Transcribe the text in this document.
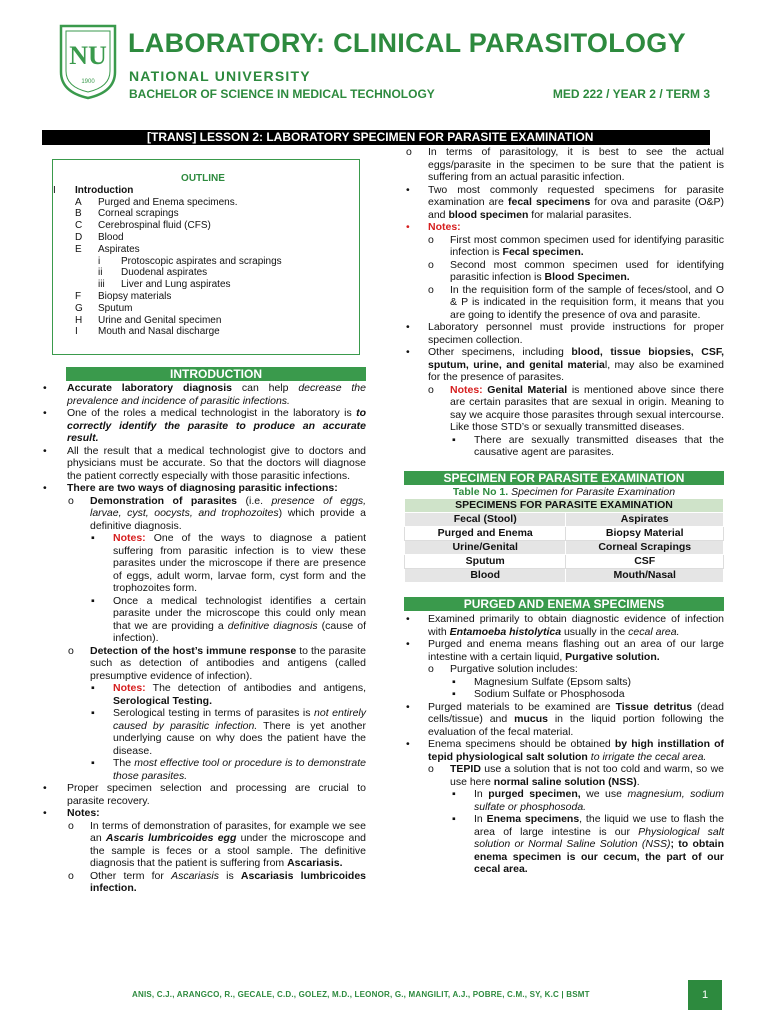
NU
1900
LABORATORY: CLINICAL PARASITOLOGY
NATIONAL UNIVERSITY
BACHELOR OF SCIENCE IN MEDICAL TECHNOLOGY	MED 222 / YEAR 2 / TERM 3
[TRANS] LESSON 2: LABORATORY SPECIMEN FOR PARASITE EXAMINATION
OUTLINE
I Introduction
A Purged and Enema specimens.
B Corneal scrapings
C Cerebrospinal fluid (CFS)
D Blood
E Aspirates
i Protoscopic aspirates and scrapings
ii Duodenal aspirates
iii Liver and Lung aspirates
F Biopsy materials
G Sputum
H Urine and Genital specimen
I Mouth and Nasal discharge
INTRODUCTION
• Accurate laboratory diagnosis can help decrease the prevalence and incidence of parasitic infections.
• One of the roles a medical technologist in the laboratory is to correctly identify the parasite to produce an accurate result.
• All the result that a medical technologist give to doctors and physicians must be accurate. So that the doctors will diagnose the patient correctly especially with those parasitic infections.
• There are two ways of diagnosing parasitic infections:
o Demonstration of parasites (i.e. presence of eggs, larvae, cyst, oocysts, and trophozoites) which provide a definitive diagnosis.
▪ Notes: One of the ways to diagnose a patient suffering from parasitic infection is to view these parasites under the microscope if there are presence of eggs, adult worm, larvae form, cyst form and the trophozoites form.
▪ Once a medical technologist identifies a certain parasite under the microscope this could only mean that we are providing a definitive diagnosis (cause of infection).
o Detection of the host’s immune response to the parasite such as detection of antibodies and antigens (called presumptive evidence of infection).
▪ Notes: The detection of antibodies and antigens, Serological Testing.
▪ Serological testing in terms of parasites is not entirely caused by parasitic infection. There is yet another underlying cause on why does the patient have the disease.
▪ The most effective tool or procedure is to demonstrate those parasites.
• Proper specimen selection and processing are crucial to parasite recovery.
• Notes:
o In terms of demonstration of parasites, for example we see an Ascaris lumbricoides egg under the microscope and the sample is feces or a stool sample. The definitive diagnosis that the patient is suffering from Ascariasis.
o Other term for Ascariasis is Ascariasis lumbricoides infection.
o In terms of parasitology, it is best to see the actual eggs/parasite in the specimen to be sure that the patient is suffering from an actual parasitic infection.
• Two most commonly requested specimens for parasite examination are fecal specimens for ova and parasite (O&P) and blood specimen for malarial parasites.
• Notes:
o First most common specimen used for identifying parasitic infection is Fecal specimen.
o Second most common specimen used for identifying parasitic infection is Blood Specimen.
o In the requisition form of the sample of feces/stool, and O & P is indicated in the requisition form, it means that you are going to identify the presence of ova and parasite.
• Laboratory personnel must provide instructions for proper specimen collection.
• Other specimens, including blood, tissue biopsies, CSF, sputum, urine, and genital material, may also be examined for the presence of parasites.
o Notes: Genital Material is mentioned above since there are certain parasites that are sexual in origin. Meaning to say we acquire those parasites through sexual intercourse. Like those STD’s or sexually transmitted diseases.
▪ There are sexually transmitted diseases that the causative agent are parasites.
SPECIMEN FOR PARASITE EXAMINATION
Table No 1. Specimen for Parasite Examination
SPECIMENS FOR PARASITE EXAMINATION	
Fecal (Stool)	Aspirates
Purged and Enema	Biopsy Material
Urine/Genital	Corneal Scrapings
Sputum	CSF
Blood	Mouth/Nasal
PURGED AND ENEMA SPECIMENS
• Examined primarily to obtain diagnostic evidence of infection with Entamoeba histolytica usually in the cecal area.
• Purged and enema means flashing out an area of our large intestine with a certain liquid, Purgative solution.
o Purgative solution includes:
▪ Magnesium Sulfate (Epsom salts)
▪ Sodium Sulfate or Phosphosoda
• Purged materials to be examined are Tissue detritus (dead cells/tissue) and mucus in the liquid portion following the evaluation of the fecal material.
• Enema specimens should be obtained by high instillation of tepid physiological salt solution to irrigate the cecal area.
o TEPID use a solution that is not too cold and warm, so we use here normal saline solution (NSS).
▪ In purged specimen, we use magnesium, sodium sulfate or phosphosoda.
▪ In Enema specimens, the liquid we use to flash the area of large intestine is our Physiological salt solution or Normal Saline Solution (NSS); to obtain enema specimen is our cecum, the part of our cecal area.
ANIS, C.J., ARANGCO, R., GECALE, C.D., GOLEZ, M.D., LEONOR, G., MANGILIT, A.J., POBRE, C.M., SY, K.C | BSMT	1
